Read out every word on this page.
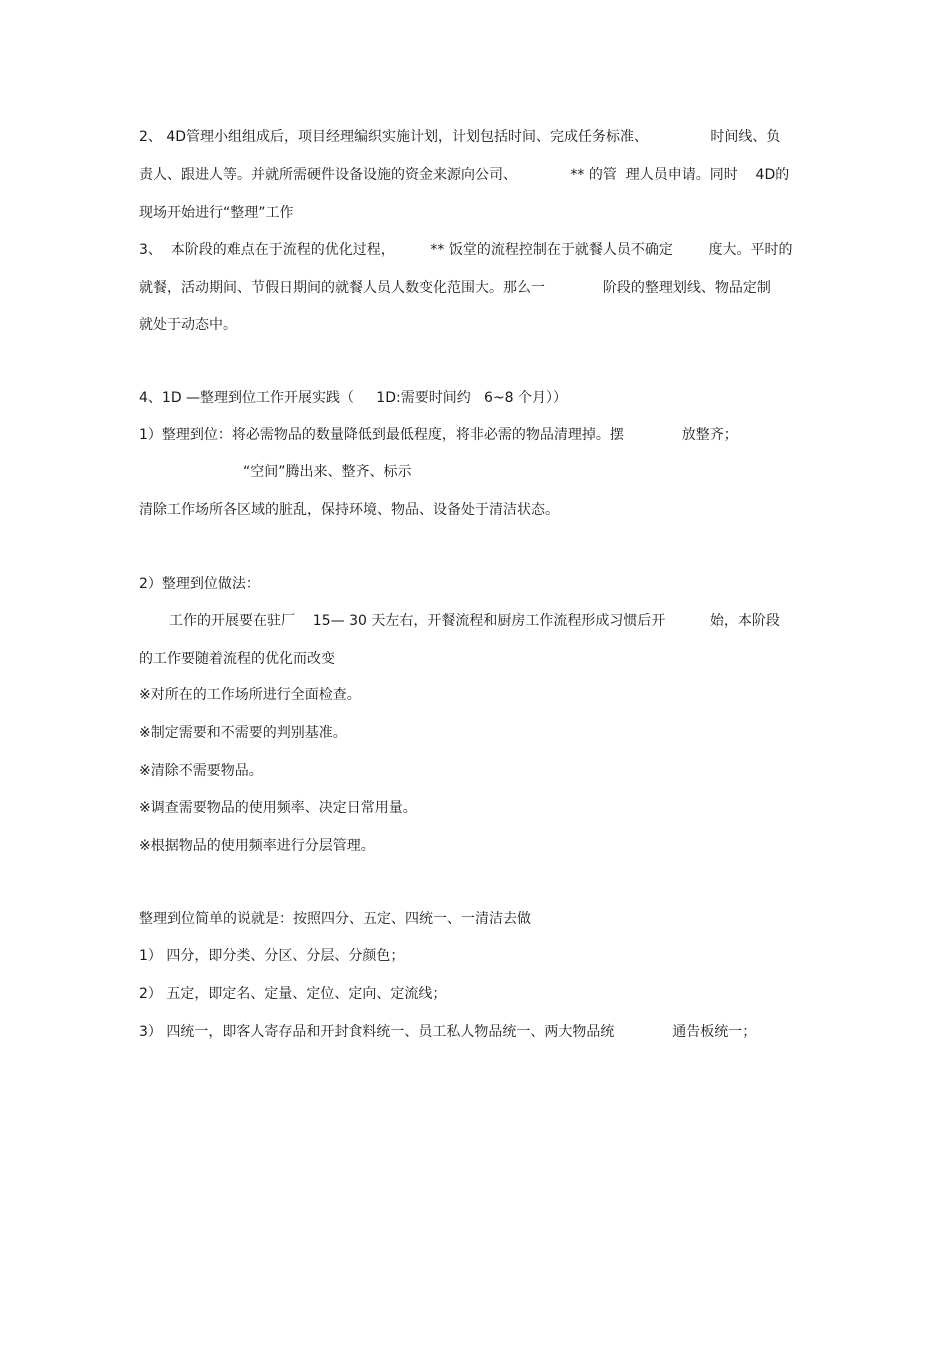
2、 4D管理小组组成后，项目经理编织实施计划，计划包括时间、完成任务标准、              时间线、负

责人、跟进人等。并就所需硬件设备设施的资金来源向公司、            ** 的管  理人员申请。同时    4D的

现场开始进行“整理”工作

3、  本阶段的难点在于流程的优化过程，        ** 饭堂的流程控制在于就餐人员不确定        度大。平时的

就餐，活动期间、节假日期间的就餐人员人数变化范围大。那么一             阶段的整理划线、物品定制

就处于动态中。

4、1D —整理到位工作开展实践（     1D:需要时间约   6~8 个月））

1）整理到位：将必需物品的数量降低到最低程度，将非必需的物品清理掉。摆             放整齐；

“空间”腾出来、整齐、标示

清除工作场所各区域的脏乱，保持环境、物品、设备处于清洁状态。

2）整理到位做法：

工作的开展要在驻厂    15— 30 天左右，开餐流程和厨房工作流程形成习惯后开          始，本阶段

的工作要随着流程的优化而改变

※对所在的工作场所进行全面检查。

※制定需要和不需要的判别基准。

※清除不需要物品。

※调查需要物品的使用频率、决定日常用量。

※根据物品的使用频率进行分层管理。

整理到位简单的说就是：按照四分、五定、四统一、一清洁去做

1） 四分，即分类、分区、分层、分颜色；

2） 五定，即定名、定量、定位、定向、定流线；

3） 四统一，即客人寄存品和开封食料统一、员工私人物品统一、两大物品统             通告板统一；
